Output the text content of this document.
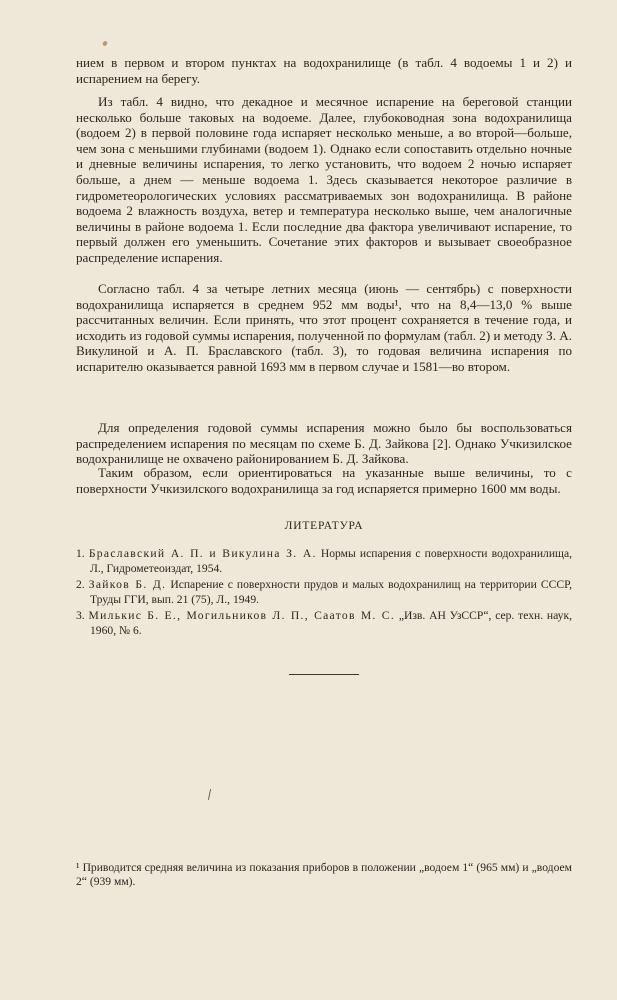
нием в первом и втором пунктах на водохранилище (в табл. 4 водоемы 1 и 2) и испарением на берегу.

Из табл. 4 видно, что декадное и месячное испарение на береговой станции несколько больше таковых на водоеме. Далее, глубоководная зона водохранилища (водоем 2) в первой половине года испаряет несколько меньше, а во второй—больше, чем зона с меньшими глубинами (водоем 1). Однако если сопоставить отдельно ночные и дневные величины испарения, то легко установить, что водоем 2 ночью испаряет больше, а днем — меньше водоема 1. Здесь сказывается некоторое различие в гидрометеорологических условиях рассматриваемых зон водохранилища. В районе водоема 2 влажность воздуха, ветер и температура несколько выше, чем аналогичные величины в районе водоема 1. Если последние два фактора увеличивают испарение, то первый должен его уменьшить. Сочетание этих факторов и вызывает своеобразное распределение испарения.

Согласно табл. 4 за четыре летних месяца (июнь — сентябрь) с поверхности водохранилища испаряется в среднем 952 мм воды¹, что на 8,4—13,0 % выше рассчитанных величин. Если принять, что этот процент сохраняется в течение года, и исходить из годовой суммы испарения, полученной по формулам (табл. 2) и методу З. А. Викулиной и А. П. Браславского (табл. 3), то годовая величина испарения по испарителю оказывается равной 1693 мм в первом случае и 1581—во втором.

Для определения годовой суммы испарения можно было бы воспользоваться распределением испарения по месяцам по схеме Б. Д. Зайкова [2]. Однако Учкизилское водохранилище не охвачено районированием Б. Д. Зайкова.

Таким образом, если ориентироваться на указанные выше величины, то с поверхности Учкизилского водохранилища за год испаряется примерно 1600 мм воды.

ЛИТЕРАТУРА

1. Браславский А. П. и Викулина З. А. Нормы испарения с поверхности водохранилища, Л., Гидрометеоиздат, 1954.

2. Зайков Б. Д. Испарение с поверхности прудов и малых водохранилищ на территории СССР, Труды ГГИ, вып. 21 (75), Л., 1949.

3. Милькис Б. Е., Могильников Л. П., Саатов М. С. „Изв. АН УзССР“, сер. техн. наук, 1960, № 6.

¹ Приводится средняя величина из показания приборов в положении „водоем 1“ (965 мм) и „водоем 2“ (939 мм).
